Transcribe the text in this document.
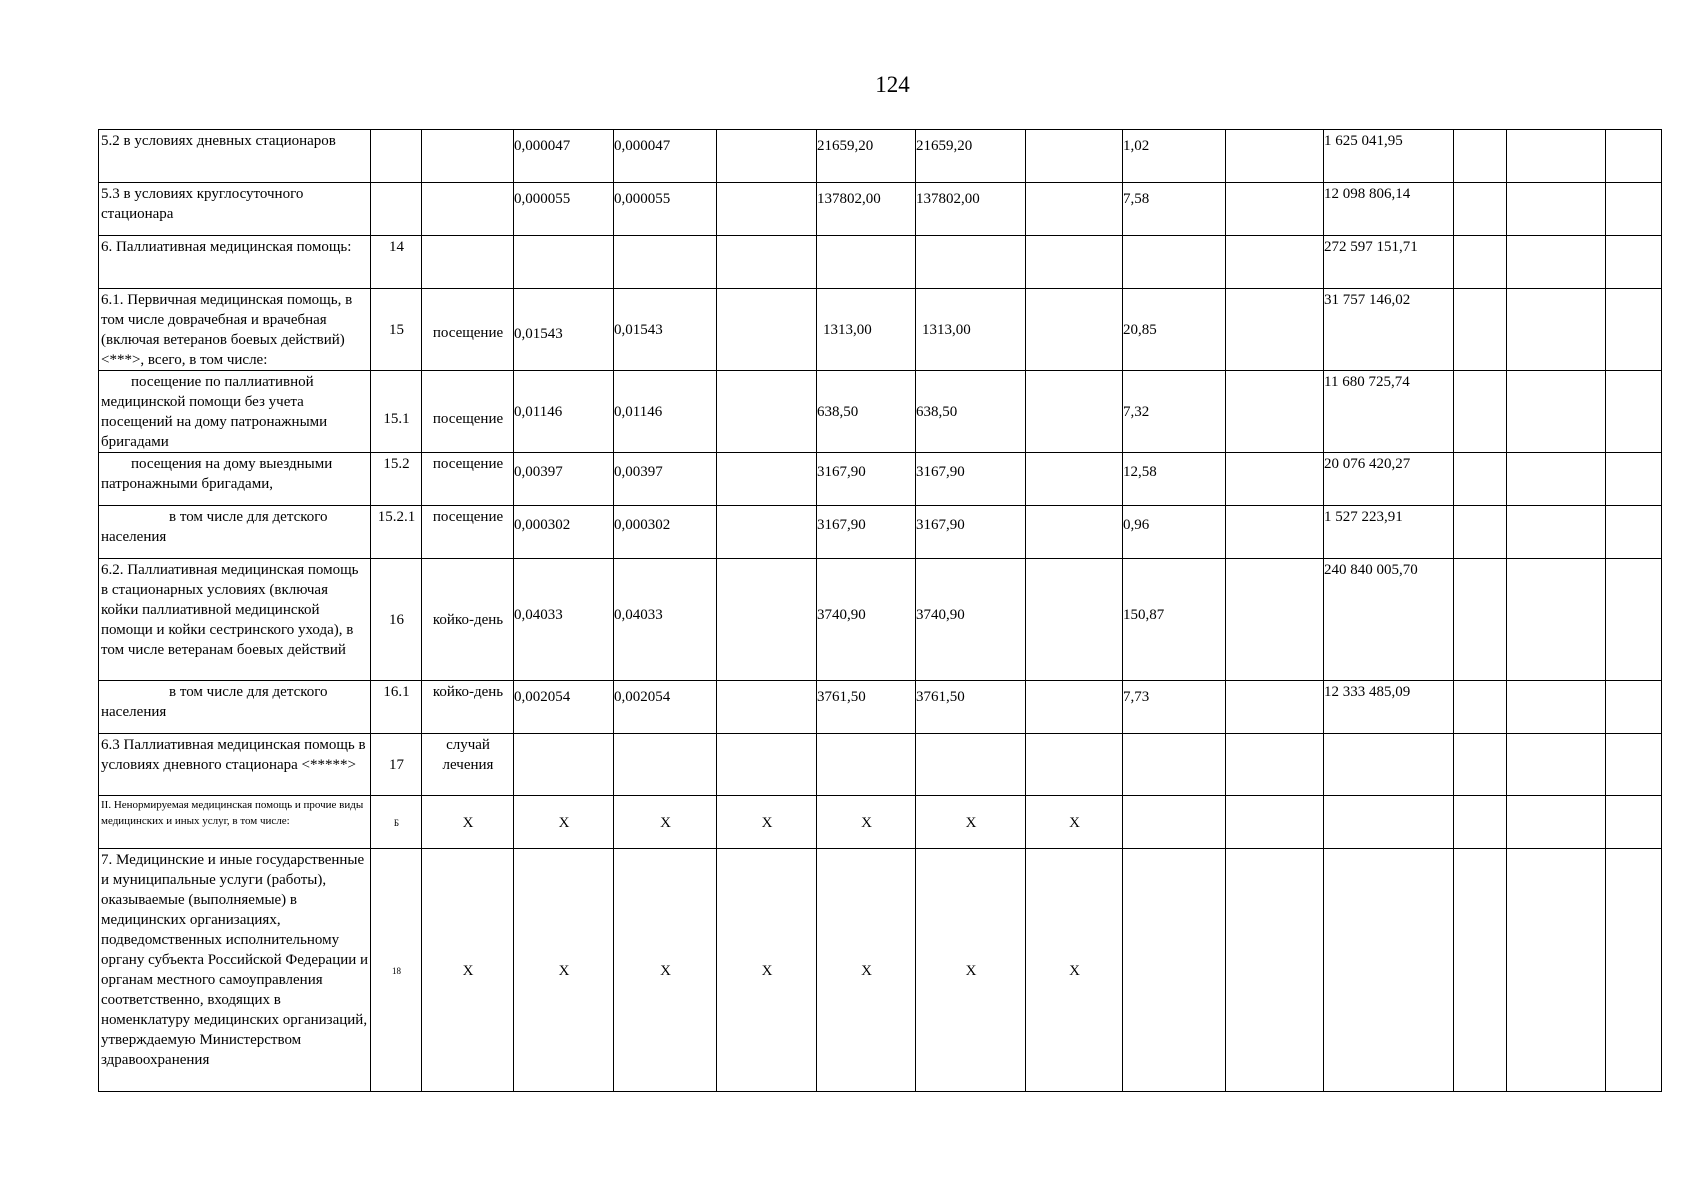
124
5.2 в условиях дневных стационаров			0,000047	0,000047		21659,20	21659,20		1,02		1 625 041,95			
5.3 в условиях круглосуточного стационара			0,000055	0,000055		137802,00	137802,00		7,58		12 098 806,14			
6. Паллиативная медицинская помощь:	14										272 597 151,71			
6.1. Первичная медицинская помощь, в том числе доврачебная и врачебная (включая ветеранов боевых действий) <***>, всего, в том числе:	15	посещение	0,01543	0,01543		1313,00	1313,00		20,85		31 757 146,02			
посещение по паллиативной медицинской помощи без учета посещений на дому патронажными бригадами	15.1	посещение	0,01146	0,01146		638,50	638,50		7,32		11 680 725,74			
посещения на дому выездными патронажными бригадами,	15.2	посещение	0,00397	0,00397		3167,90	3167,90		12,58		20 076 420,27			
в том числе для детского населения	15.2.1	посещение	0,000302	0,000302		3167,90	3167,90		0,96		1 527 223,91			
6.2. Паллиативная медицинская помощь в стационарных условиях (включая койки паллиативной медицинской помощи и койки сестринского ухода), в том числе ветеранам боевых действий	16	койко-день	0,04033	0,04033		3740,90	3740,90		150,87		240 840 005,70			
в том числе для детского населения	16.1	койко-день	0,002054	0,002054		3761,50	3761,50		7,73		12 333 485,09			
6.3 Паллиативная медицинская помощь в условиях дневного стационара <*****>	17	случай лечения												
II. Ненормируемая медицинская помощь и прочие виды медицинских и иных услуг, в том числе:	Б	X	X	X	X	X	X	X						
7. Медицинские и иные государственные и муниципальные услуги (работы), оказываемые (выполняемые) в медицинских организациях, подведомственных исполнительному органу субъекта Российской Федерации и органам местного самоуправления соответственно, входящих в номенклатуру медицинских организаций, утверждаемую Министерством здравоохранения	18	X	X	X	X	X	X	X						
